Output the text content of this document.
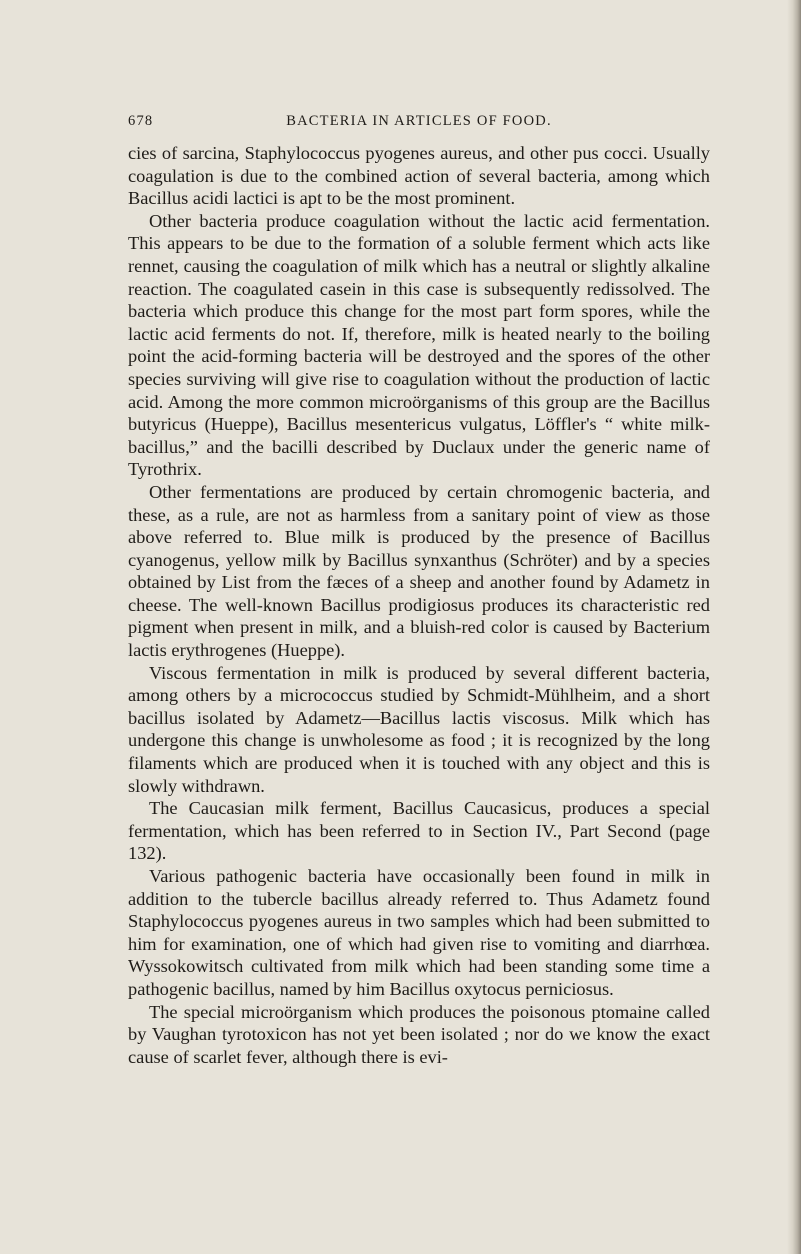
678	BACTERIA IN ARTICLES OF FOOD.

cies of sarcina, Staphylococcus pyogenes aureus, and other pus cocci. Usually coagulation is due to the combined action of several bacteria, among which Bacillus acidi lactici is apt to be the most prominent.

Other bacteria produce coagulation without the lactic acid fermentation. This appears to be due to the formation of a soluble ferment which acts like rennet, causing the coagulation of milk which has a neutral or slightly alkaline reaction. The coagulated casein in this case is subsequently redissolved. The bacteria which produce this change for the most part form spores, while the lactic acid ferments do not. If, therefore, milk is heated nearly to the boiling point the acid-forming bacteria will be destroyed and the spores of the other species surviving will give rise to coagulation without the production of lactic acid. Among the more common microörganisms of this group are the Bacillus butyricus (Hueppe), Bacillus mesentericus vulgatus, Löffler's “ white milk-bacillus,” and the bacilli described by Duclaux under the generic name of Tyrothrix.

Other fermentations are produced by certain chromogenic bacteria, and these, as a rule, are not as harmless from a sanitary point of view as those above referred to. Blue milk is produced by the presence of Bacillus cyanogenus, yellow milk by Bacillus synxanthus (Schröter) and by a species obtained by List from the fæces of a sheep and another found by Adametz in cheese. The well-known Bacillus prodigiosus produces its characteristic red pigment when present in milk, and a bluish-red color is caused by Bacterium lactis erythrogenes (Hueppe).

Viscous fermentation in milk is produced by several different bacteria, among others by a micrococcus studied by Schmidt-Mühlheim, and a short bacillus isolated by Adametz—Bacillus lactis viscosus. Milk which has undergone this change is unwholesome as food ; it is recognized by the long filaments which are produced when it is touched with any object and this is slowly withdrawn.

The Caucasian milk ferment, Bacillus Caucasicus, produces a special fermentation, which has been referred to in Section IV., Part Second (page 132).

Various pathogenic bacteria have occasionally been found in milk in addition to the tubercle bacillus already referred to. Thus Adametz found Staphylococcus pyogenes aureus in two samples which had been submitted to him for examination, one of which had given rise to vomiting and diarrhœa. Wyssokowitsch cultivated from milk which had been standing some time a pathogenic bacillus, named by him Bacillus oxytocus perniciosus.

The special microörganism which produces the poisonous ptomaine called by Vaughan tyrotoxicon has not yet been isolated ; nor do we know the exact cause of scarlet fever, although there is evi-
